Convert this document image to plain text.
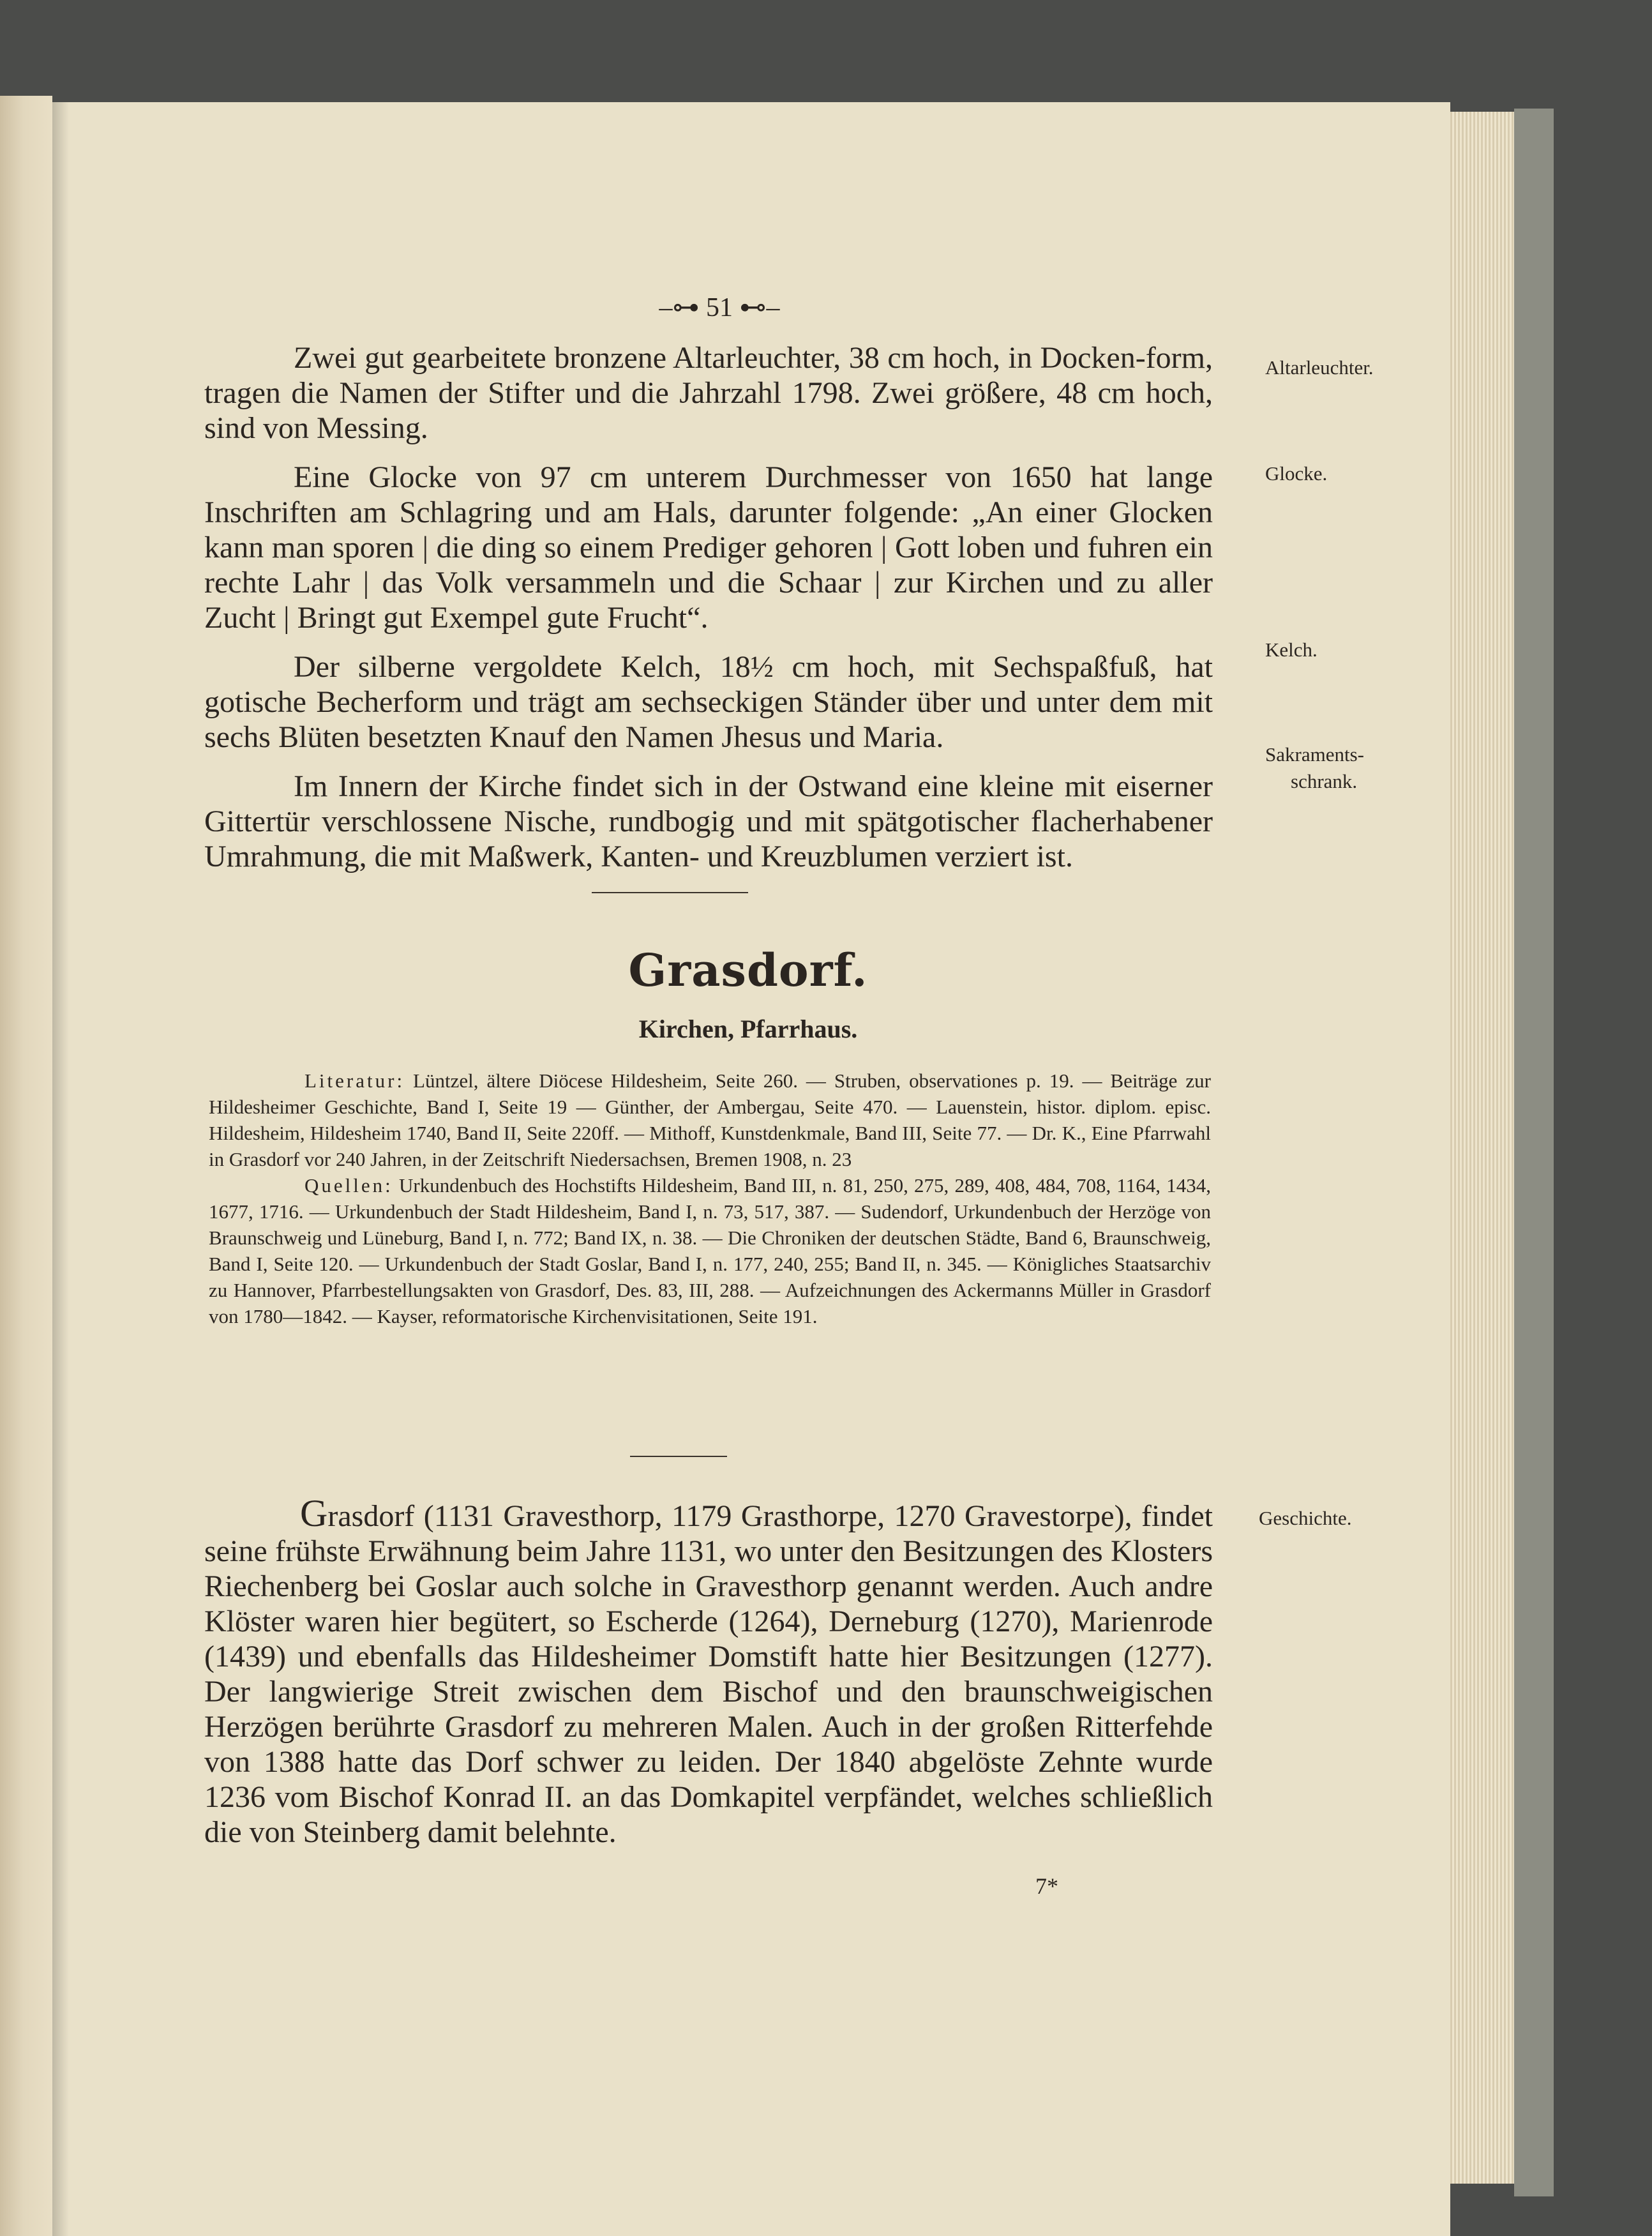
–⊶ 51 ⊷–

Zwei gut gearbeitete bronzene Altarleuchter, 38 cm hoch, in Docken-form, tragen die Namen der Stifter und die Jahrzahl 1798. Zwei größere, 48 cm hoch, sind von Messing.

Eine Glocke von 97 cm unterem Durchmesser von 1650 hat lange Inschriften am Schlagring und am Hals, darunter folgende: „An einer Glocken kann man sporen | die ding so einem Prediger gehoren | Gott loben und fuhren ein rechte Lahr | das Volk versammeln und die Schaar | zur Kirchen und zu aller Zucht | Bringt gut Exempel gute Frucht“.

Der silberne vergoldete Kelch, 18½ cm hoch, mit Sechspaßfuß, hat gotische Becherform und trägt am sechseckigen Ständer über und unter dem mit sechs Blüten besetzten Knauf den Namen Jhesus und Maria.

Im Innern der Kirche findet sich in der Ostwand eine kleine mit eiserner Gittertür verschlossene Nische, rundbogig und mit spätgotischer flacherhabener Umrahmung, die mit Maßwerk, Kanten- und Kreuzblumen verziert ist.

Altarleuchter.
Glocke.
Kelch.
Sakraments-
schrank.
Grasdorf.
Kirchen, Pfarrhaus.

Literatur: Lüntzel, ältere Diöcese Hildesheim, Seite 260. — Struben, observationes p. 19. — Beiträge zur Hildesheimer Geschichte, Band I, Seite 19 — Günther, der Ambergau, Seite 470. — Lauenstein, histor. diplom. episc. Hildesheim, Hildesheim 1740, Band II, Seite 220ff. — Mithoff, Kunstdenkmale, Band III, Seite 77. — Dr. K., Eine Pfarrwahl in Grasdorf vor 240 Jahren, in der Zeitschrift Niedersachsen, Bremen 1908, n. 23

Quellen: Urkundenbuch des Hochstifts Hildesheim, Band III, n. 81, 250, 275, 289, 408, 484, 708, 1164, 1434, 1677, 1716. — Urkundenbuch der Stadt Hildesheim, Band I, n. 73, 517, 387. — Sudendorf, Urkundenbuch der Herzöge von Braunschweig und Lüneburg, Band I, n. 772; Band IX, n. 38. — Die Chroniken der deutschen Städte, Band 6, Braunschweig, Band I, Seite 120. — Urkundenbuch der Stadt Goslar, Band I, n. 177, 240, 255; Band II, n. 345. — Königliches Staatsarchiv zu Hannover, Pfarrbestellungsakten von Grasdorf, Des. 83, III, 288. — Aufzeichnungen des Ackermanns Müller in Grasdorf von 1780—1842. — Kayser, reformatorische Kirchenvisitationen, Seite 191.

Grasdorf (1131 Gravesthorp, 1179 Grasthorpe, 1270 Gravestorpe), findet seine frühste Erwähnung beim Jahre 1131, wo unter den Besitzungen des Klosters Riechenberg bei Goslar auch solche in Gravesthorp genannt werden. Auch andre Klöster waren hier begütert, so Escherde (1264), Derneburg (1270), Marienrode (1439) und ebenfalls das Hildesheimer Domstift hatte hier Besitzungen (1277). Der langwierige Streit zwischen dem Bischof und den braunschweigischen Herzögen berührte Grasdorf zu mehreren Malen. Auch in der großen Ritterfehde von 1388 hatte das Dorf schwer zu leiden. Der 1840 abgelöste Zehnte wurde 1236 vom Bischof Konrad II. an das Domkapitel verpfändet, welches schließlich die von Steinberg damit belehnte.

Geschichte.
7*
